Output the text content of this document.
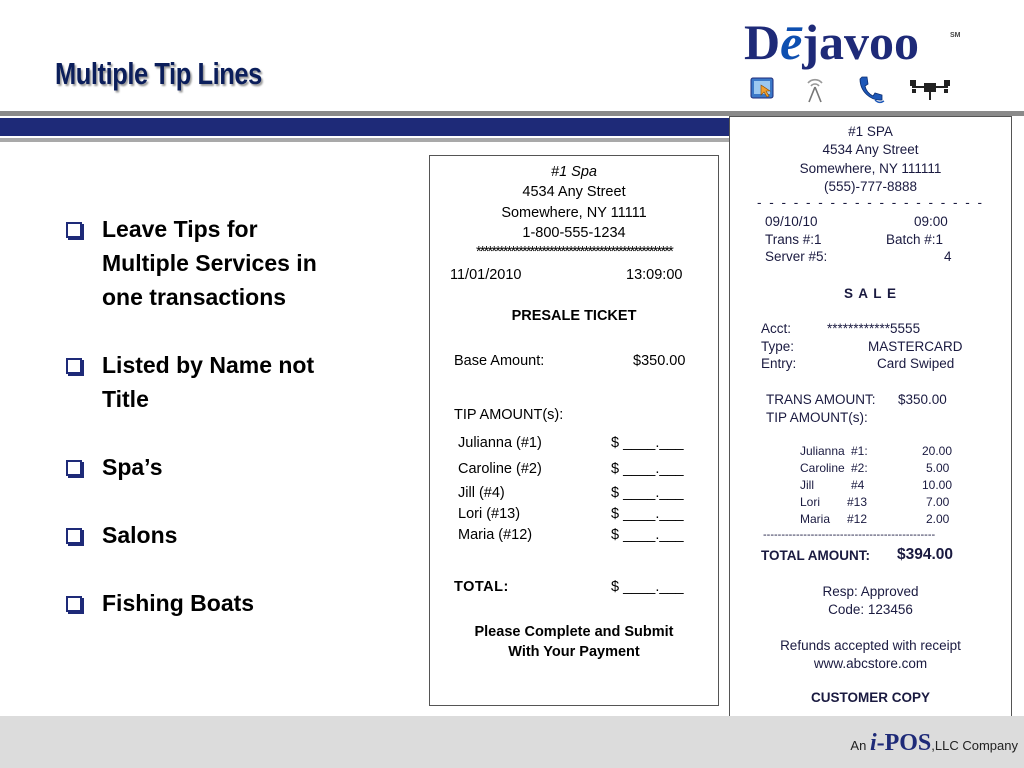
Multiple Tip Lines
Dējavoo	SM
Leave Tips for
Multiple Services in
one transactions
Listed by Name not
Title
Spa’s
Salons
Fishing Boats
#1 Spa
4534 Any Street
Somewhere, NY 11111
1-800-555-1234
***************************************************
11/01/2010	13:09:00
PRESALE TICKET
Base Amount:	$350.00
TIP AMOUNT(s):
Julianna (#1)	$ ____.___
Caroline (#2)	$ ____.___
Jill (#4)	$ ____.___
Lori (#13)	$ ____.___
Maria (#12)	$ ____.___
TOTAL:	$ ____.___
Please Complete and Submit
With Your Payment
#1 SPA
4534 Any Street
Somewhere, NY 111111
(555)-777-8888
- - - - - - - - - - - - - - - - - - -
09/10/10	09:00
Trans #:1	Batch #:1
Server #5:	4
S A L E
Acct:	************5555
Type:	MASTERCARD
Entry:	Card Swiped
TRANS AMOUNT: $350.00
TIP AMOUNT(s):
Julianna #1:	20.00
Caroline #2:	5.00
Jill	#4	10.00
Lori #13	7.00
Maria #12	2.00
-----------------------------------------------
TOTAL AMOUNT: $394.00
Resp: Approved
Code: 123456
Refunds accepted with receipt
www.abcstore.com
CUSTOMER COPY
An i-POS,LLC Company
